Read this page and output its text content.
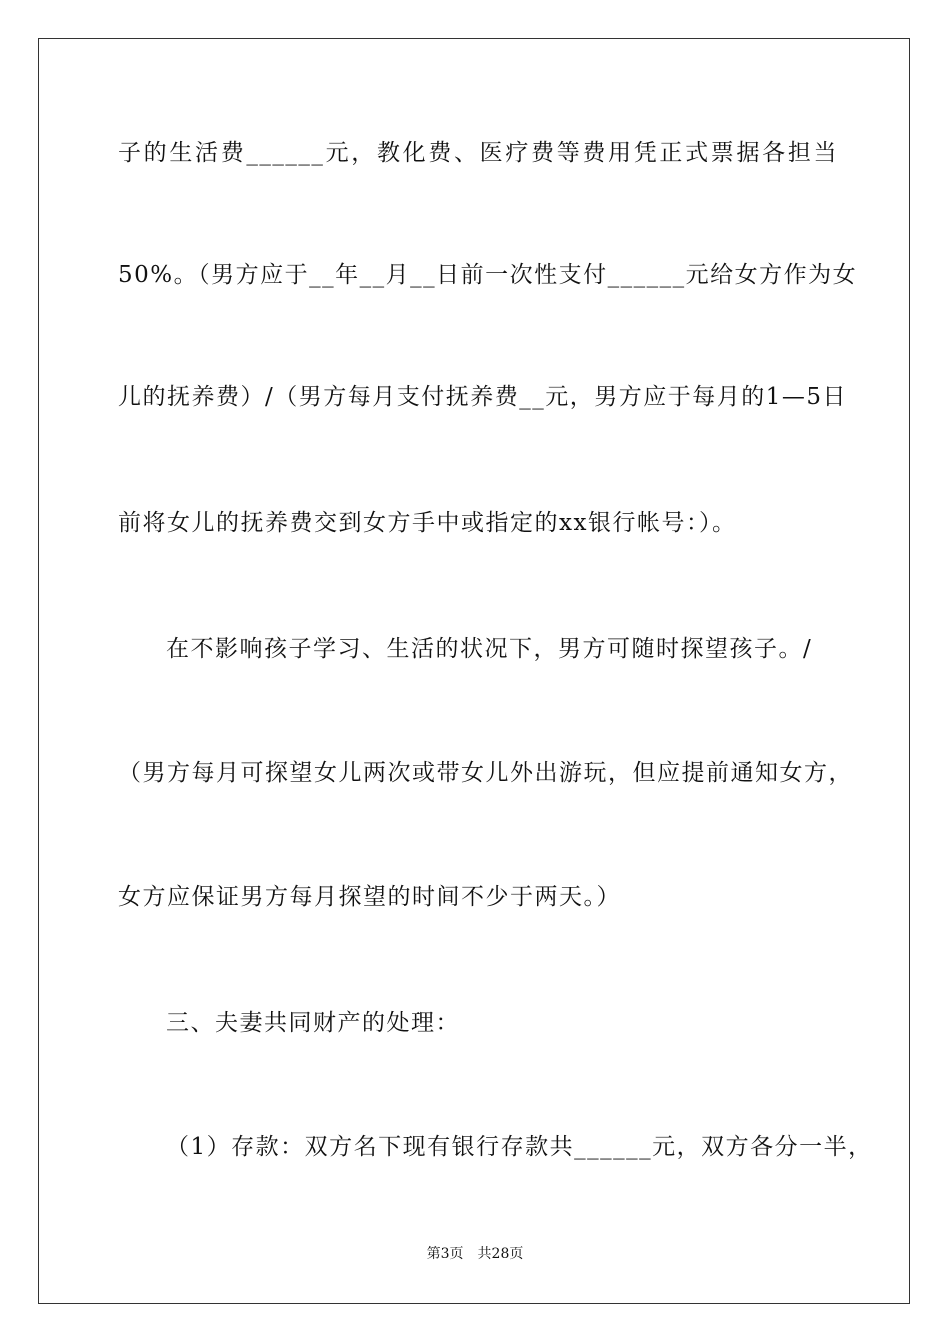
子的生活费______元，教化费、医疗费等费用凭正式票据各担当
50%。（男方应于__年__月__日前一次性支付______元给女方作为女
儿的抚养费）/（男方每月支付抚养费__元，男方应于每月的1—5日
前将女儿的抚养费交到女方手中或指定的xx银行帐号：）。
在不影响孩子学习、生活的状况下，男方可随时探望孩子。/
（男方每月可探望女儿两次或带女儿外出游玩，但应提前通知女方，
女方应保证男方每月探望的时间不少于两天。）
三、夫妻共同财产的处理：
（1）存款：双方名下现有银行存款共______元，双方各分一半，
第3页　共28页
